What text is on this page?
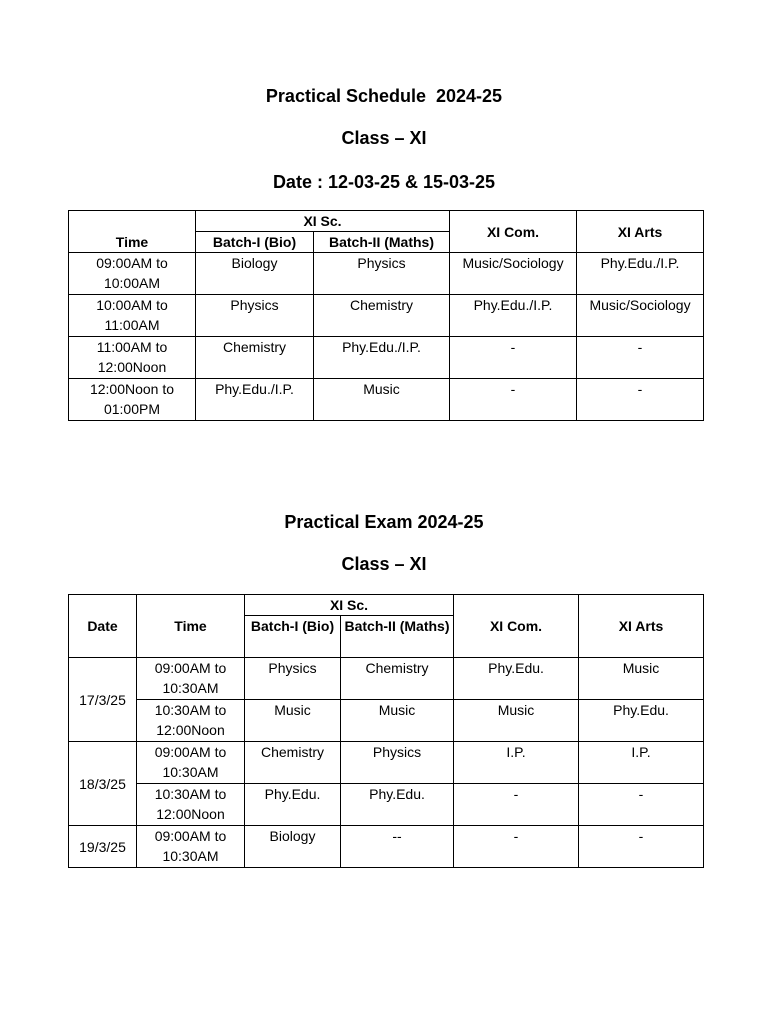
Practical Schedule  2024-25
Class – XI
Date : 12-03-25 & 15-03-25
Time	XI Sc.		XI Com.	XI Arts
	Batch-I (Bio)	Batch-II (Maths)		
09:00AM to 10:00AM	Biology	Physics	Music/Sociology	Phy.Edu./I.P.
10:00AM to 11:00AM	Physics	Chemistry	Phy.Edu./I.P.	Music/Sociology
11:00AM to 12:00Noon	Chemistry	Phy.Edu./I.P.	-	-
12:00Noon to 01:00PM	Phy.Edu./I.P.	Music	-	-
Practical Exam 2024-25
Class – XI
Date	Time	XI Sc.		XI Com.	XI Arts
		Batch-I (Bio)	Batch-II (Maths)		
17/3/25	09:00AM to 10:30AM	Physics	Chemistry	Phy.Edu.	Music
	10:30AM to 12:00Noon	Music	Music	Music	Phy.Edu.
18/3/25	09:00AM to 10:30AM	Chemistry	Physics	I.P.	I.P.
	10:30AM to 12:00Noon	Phy.Edu.	Phy.Edu.	-	-
19/3/25	09:00AM to 10:30AM	Biology	--	-	-
